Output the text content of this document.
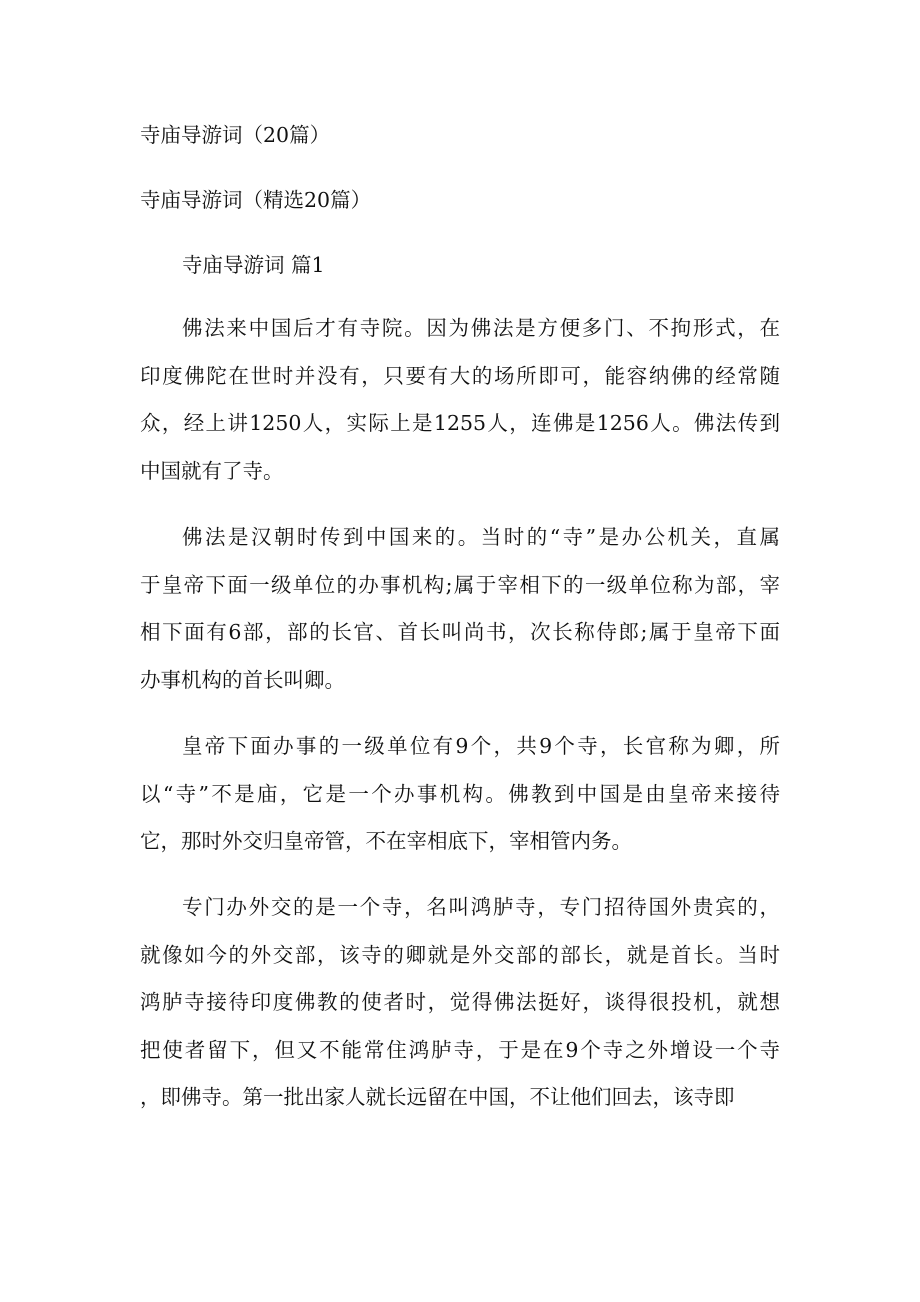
寺庙导游词（20篇）
寺庙导游词（精选20篇）
寺庙导游词 篇1
佛法来中国后才有寺院。因为佛法是方便多门、不拘形式，在
印度佛陀在世时并没有，只要有大的场所即可，能容纳佛的经常随
众，经上讲1250人，实际上是1255人，连佛是1256人。佛法传到
中国就有了寺。
佛法是汉朝时传到中国来的。当时的“寺”是办公机关，直属
于皇帝下面一级单位的办事机构;属于宰相下的一级单位称为部，宰
相下面有6部，部的长官、首长叫尚书，次长称侍郎;属于皇帝下面
办事机构的首长叫卿。
皇帝下面办事的一级单位有9个，共9个寺，长官称为卿，所
以“寺”不是庙，它是一个办事机构。佛教到中国是由皇帝来接待
它，那时外交归皇帝管，不在宰相底下，宰相管内务。
专门办外交的是一个寺，名叫鸿胪寺，专门招待国外贵宾的，
就像如今的外交部，该寺的卿就是外交部的部长，就是首长。当时
鸿胪寺接待印度佛教的使者时，觉得佛法挺好，谈得很投机，就想
把使者留下，但又不能常住鸿胪寺，于是在9个寺之外增设一个寺
，即佛寺。第一批出家人就长远留在中国，不让他们回去，该寺即
